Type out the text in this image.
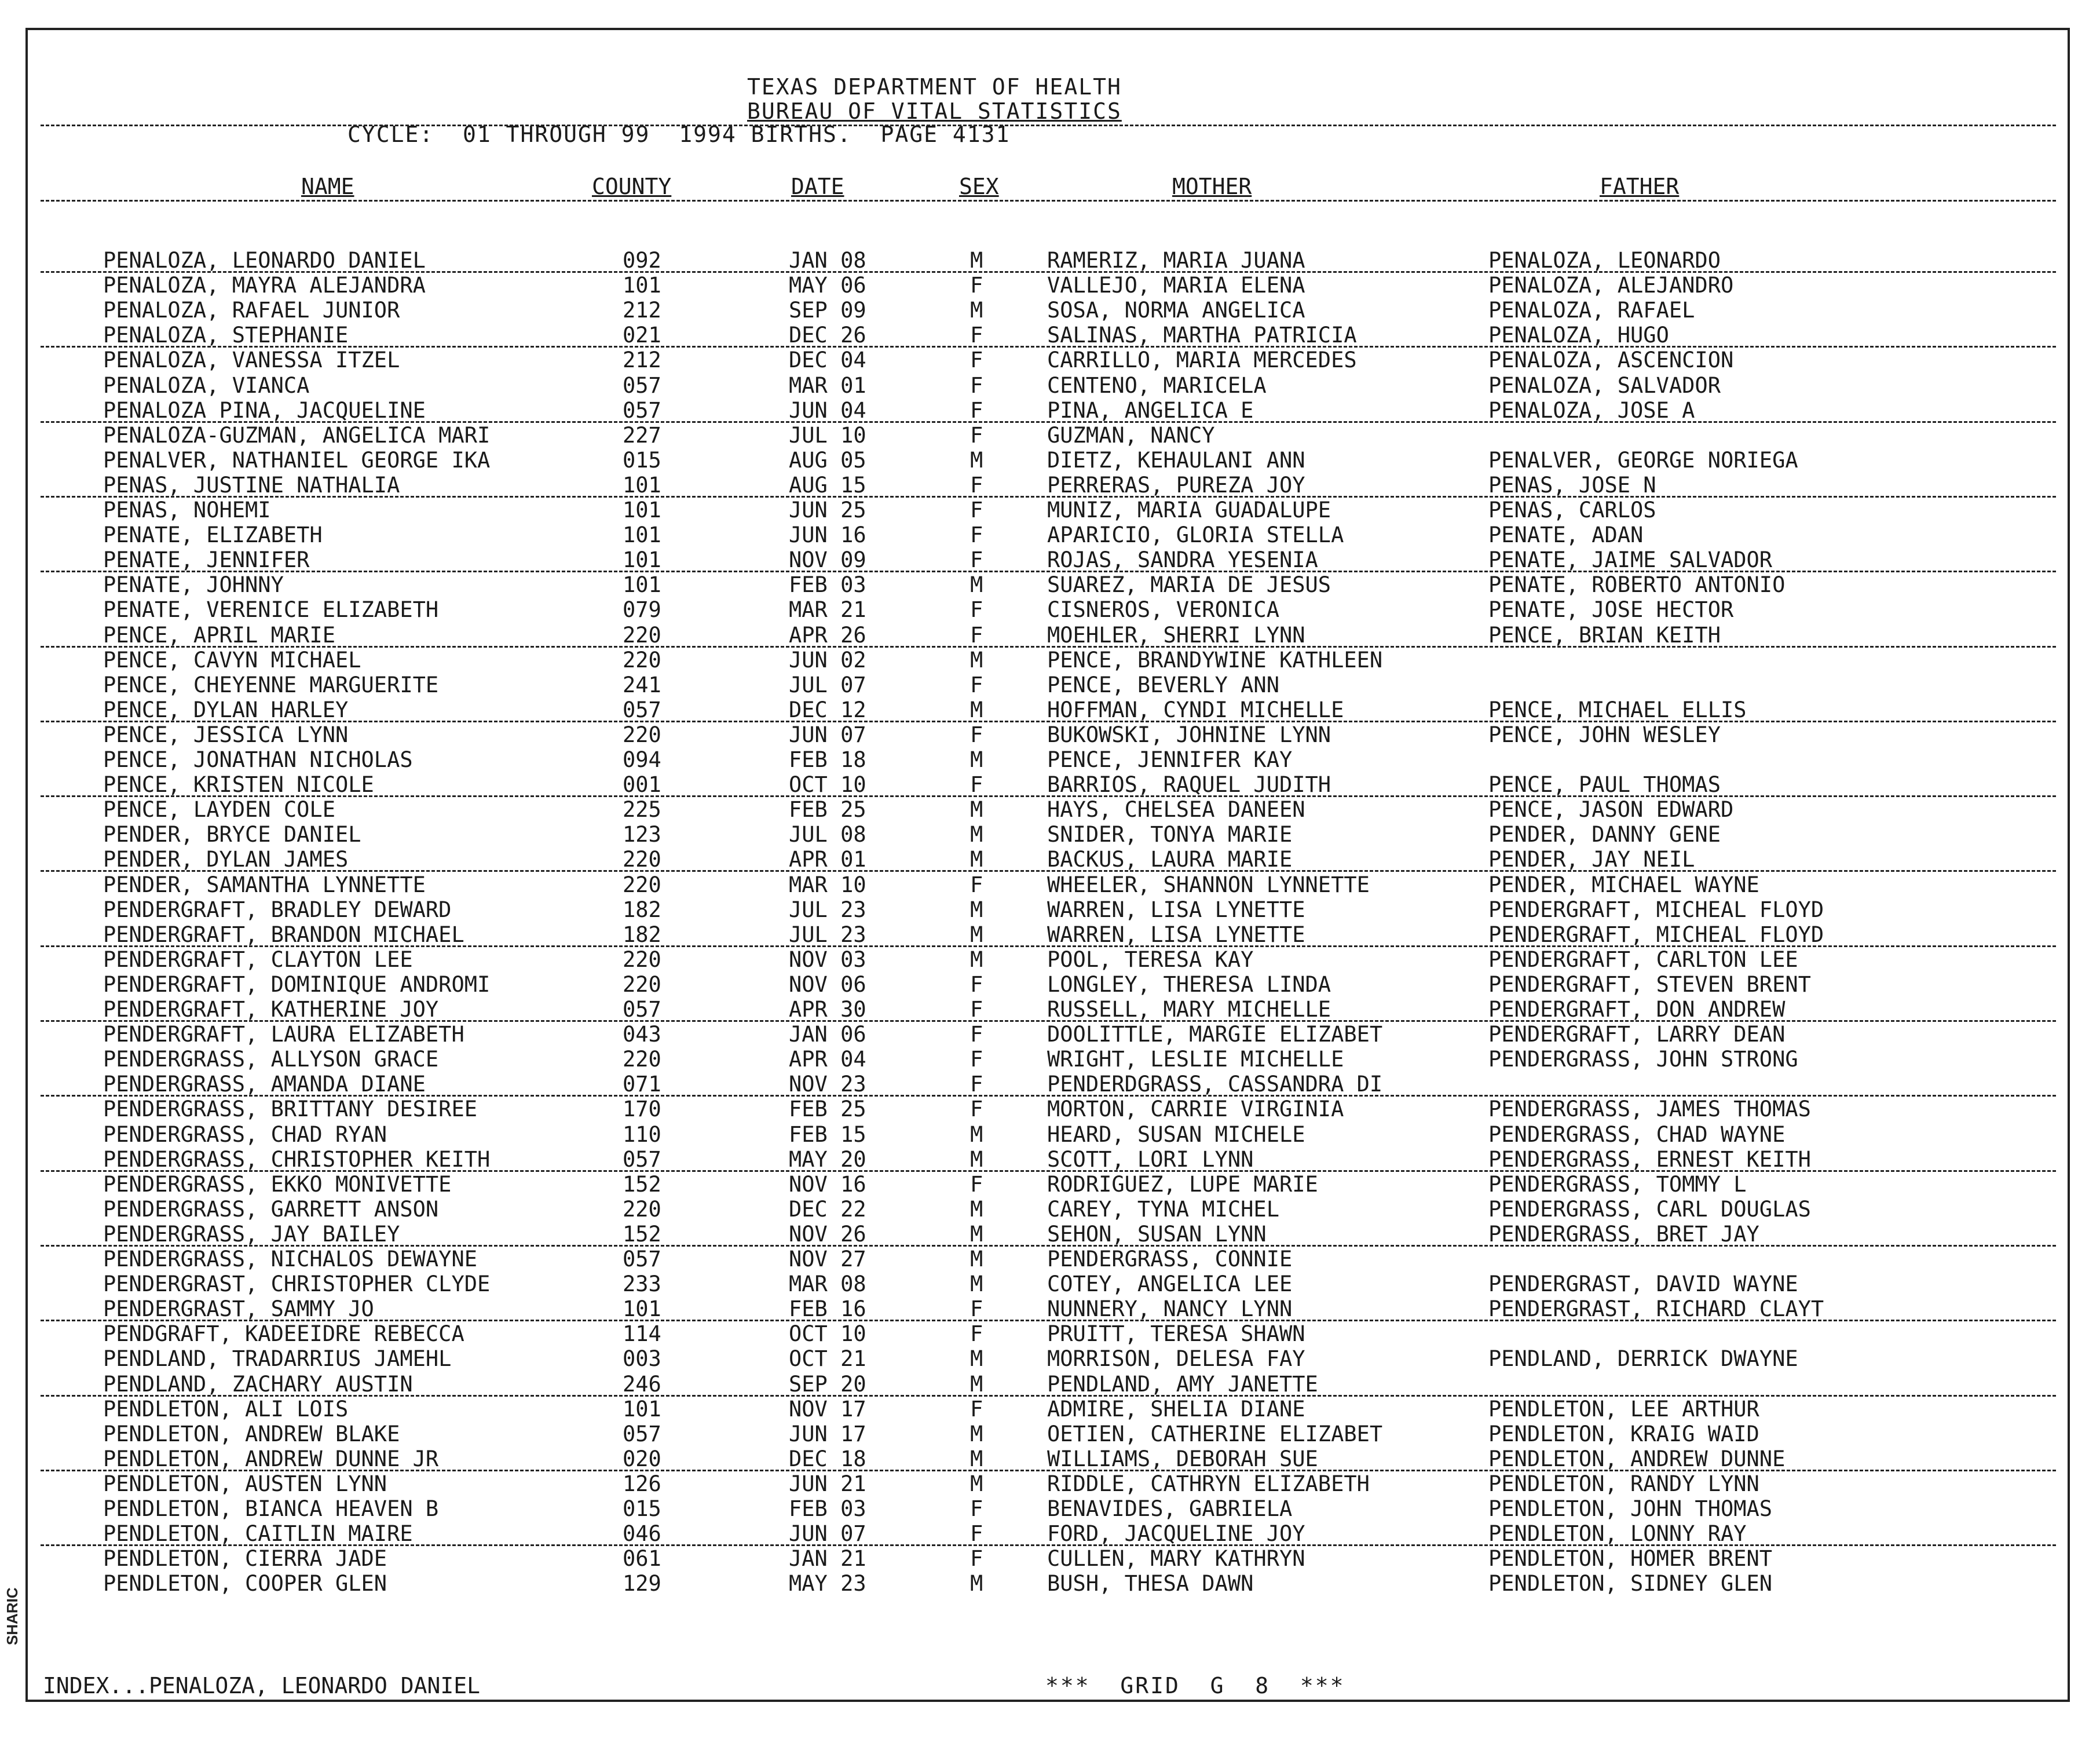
SHARIC
TEXAS DEPARTMENT OF HEALTH
BUREAU OF VITAL STATISTICS
CYCLE:  01 THROUGH 99  1994 BIRTHS.  PAGE 4131
NAME	COUNTY	DATE	SEX	MOTHER	FATHER
PENALOZA, LEONARDO DANIEL	092	JAN 08	M	RAMERIZ, MARIA JUANA	PENALOZA, LEONARDO
PENALOZA, MAYRA ALEJANDRA	101	MAY 06	F	VALLEJO, MARIA ELENA	PENALOZA, ALEJANDRO
PENALOZA, RAFAEL JUNIOR	212	SEP 09	M	SOSA, NORMA ANGELICA	PENALOZA, RAFAEL
PENALOZA, STEPHANIE	021	DEC 26	F	SALINAS, MARTHA PATRICIA	PENALOZA, HUGO
PENALOZA, VANESSA ITZEL	212	DEC 04	F	CARRILLO, MARIA MERCEDES	PENALOZA, ASCENCION
PENALOZA, VIANCA	057	MAR 01	F	CENTENO, MARICELA	PENALOZA, SALVADOR
PENALOZA PINA, JACQUELINE	057	JUN 04	F	PINA, ANGELICA E	PENALOZA, JOSE A
PENALOZA-GUZMAN, ANGELICA MARI	227	JUL 10	F	GUZMAN, NANCY
PENALVER, NATHANIEL GEORGE IKA	015	AUG 05	M	DIETZ, KEHAULANI ANN	PENALVER, GEORGE NORIEGA
PENAS, JUSTINE NATHALIA	101	AUG 15	F	PERRERAS, PUREZA JOY	PENAS, JOSE N
PENAS, NOHEMI	101	JUN 25	F	MUNIZ, MARIA GUADALUPE	PENAS, CARLOS
PENATE, ELIZABETH	101	JUN 16	F	APARICIO, GLORIA STELLA	PENATE, ADAN
PENATE, JENNIFER	101	NOV 09	F	ROJAS, SANDRA YESENIA	PENATE, JAIME SALVADOR
PENATE, JOHNNY	101	FEB 03	M	SUAREZ, MARIA DE JESUS	PENATE, ROBERTO ANTONIO
PENATE, VERENICE ELIZABETH	079	MAR 21	F	CISNEROS, VERONICA	PENATE, JOSE HECTOR
PENCE, APRIL MARIE	220	APR 26	F	MOEHLER, SHERRI LYNN	PENCE, BRIAN KEITH
PENCE, CAVYN MICHAEL	220	JUN 02	M	PENCE, BRANDYWINE KATHLEEN
PENCE, CHEYENNE MARGUERITE	241	JUL 07	F	PENCE, BEVERLY ANN
PENCE, DYLAN HARLEY	057	DEC 12	M	HOFFMAN, CYNDI MICHELLE	PENCE, MICHAEL ELLIS
PENCE, JESSICA LYNN	220	JUN 07	F	BUKOWSKI, JOHNINE LYNN	PENCE, JOHN WESLEY
PENCE, JONATHAN NICHOLAS	094	FEB 18	M	PENCE, JENNIFER KAY
PENCE, KRISTEN NICOLE	001	OCT 10	F	BARRIOS, RAQUEL JUDITH	PENCE, PAUL THOMAS
PENCE, LAYDEN COLE	225	FEB 25	M	HAYS, CHELSEA DANEEN	PENCE, JASON EDWARD
PENDER, BRYCE DANIEL	123	JUL 08	M	SNIDER, TONYA MARIE	PENDER, DANNY GENE
PENDER, DYLAN JAMES	220	APR 01	M	BACKUS, LAURA MARIE	PENDER, JAY NEIL
PENDER, SAMANTHA LYNNETTE	220	MAR 10	F	WHEELER, SHANNON LYNNETTE	PENDER, MICHAEL WAYNE
PENDERGRAFT, BRADLEY DEWARD	182	JUL 23	M	WARREN, LISA LYNETTE	PENDERGRAFT, MICHEAL FLOYD
PENDERGRAFT, BRANDON MICHAEL	182	JUL 23	M	WARREN, LISA LYNETTE	PENDERGRAFT, MICHEAL FLOYD
PENDERGRAFT, CLAYTON LEE	220	NOV 03	M	POOL, TERESA KAY	PENDERGRAFT, CARLTON LEE
PENDERGRAFT, DOMINIQUE ANDROMI	220	NOV 06	F	LONGLEY, THERESA LINDA	PENDERGRAFT, STEVEN BRENT
PENDERGRAFT, KATHERINE JOY	057	APR 30	F	RUSSELL, MARY MICHELLE	PENDERGRAFT, DON ANDREW
PENDERGRAFT, LAURA ELIZABETH	043	JAN 06	F	DOOLITTLE, MARGIE ELIZABET	PENDERGRAFT, LARRY DEAN
PENDERGRASS, ALLYSON GRACE	220	APR 04	F	WRIGHT, LESLIE MICHELLE	PENDERGRASS, JOHN STRONG
PENDERGRASS, AMANDA DIANE	071	NOV 23	F	PENDERDGRASS, CASSANDRA DI
PENDERGRASS, BRITTANY DESIREE	170	FEB 25	F	MORTON, CARRIE VIRGINIA	PENDERGRASS, JAMES THOMAS
PENDERGRASS, CHAD RYAN	110	FEB 15	M	HEARD, SUSAN MICHELE	PENDERGRASS, CHAD WAYNE
PENDERGRASS, CHRISTOPHER KEITH	057	MAY 20	M	SCOTT, LORI LYNN	PENDERGRASS, ERNEST KEITH
PENDERGRASS, EKKO MONIVETTE	152	NOV 16	F	RODRIGUEZ, LUPE MARIE	PENDERGRASS, TOMMY L
PENDERGRASS, GARRETT ANSON	220	DEC 22	M	CAREY, TYNA MICHEL	PENDERGRASS, CARL DOUGLAS
PENDERGRASS, JAY BAILEY	152	NOV 26	M	SEHON, SUSAN LYNN	PENDERGRASS, BRET JAY
PENDERGRASS, NICHALOS DEWAYNE	057	NOV 27	M	PENDERGRASS, CONNIE
PENDERGRAST, CHRISTOPHER CLYDE	233	MAR 08	M	COTEY, ANGELICA LEE	PENDERGRAST, DAVID WAYNE
PENDERGRAST, SAMMY JO	101	FEB 16	F	NUNNERY, NANCY LYNN	PENDERGRAST, RICHARD CLAYT
PENDGRAFT, KADEEIDRE REBECCA	114	OCT 10	F	PRUITT, TERESA SHAWN
PENDLAND, TRADARRIUS JAMEHL	003	OCT 21	M	MORRISON, DELESA FAY	PENDLAND, DERRICK DWAYNE
PENDLAND, ZACHARY AUSTIN	246	SEP 20	M	PENDLAND, AMY JANETTE
PENDLETON, ALI LOIS	101	NOV 17	F	ADMIRE, SHELIA DIANE	PENDLETON, LEE ARTHUR
PENDLETON, ANDREW BLAKE	057	JUN 17	M	OETIEN, CATHERINE ELIZABET	PENDLETON, KRAIG WAID
PENDLETON, ANDREW DUNNE JR	020	DEC 18	M	WILLIAMS, DEBORAH SUE	PENDLETON, ANDREW DUNNE
PENDLETON, AUSTEN LYNN	126	JUN 21	M	RIDDLE, CATHRYN ELIZABETH	PENDLETON, RANDY LYNN
PENDLETON, BIANCA HEAVEN B	015	FEB 03	F	BENAVIDES, GABRIELA	PENDLETON, JOHN THOMAS
PENDLETON, CAITLIN MAIRE	046	JUN 07	F	FORD, JACQUELINE JOY	PENDLETON, LONNY RAY
PENDLETON, CIERRA JADE	061	JAN 21	F	CULLEN, MARY KATHRYN	PENDLETON, HOMER BRENT
PENDLETON, COOPER GLEN	129	MAY 23	M	BUSH, THESA DAWN	PENDLETON, SIDNEY GLEN
INDEX...PENALOZA, LEONARDO DANIEL	***  GRID  G  8  ***
